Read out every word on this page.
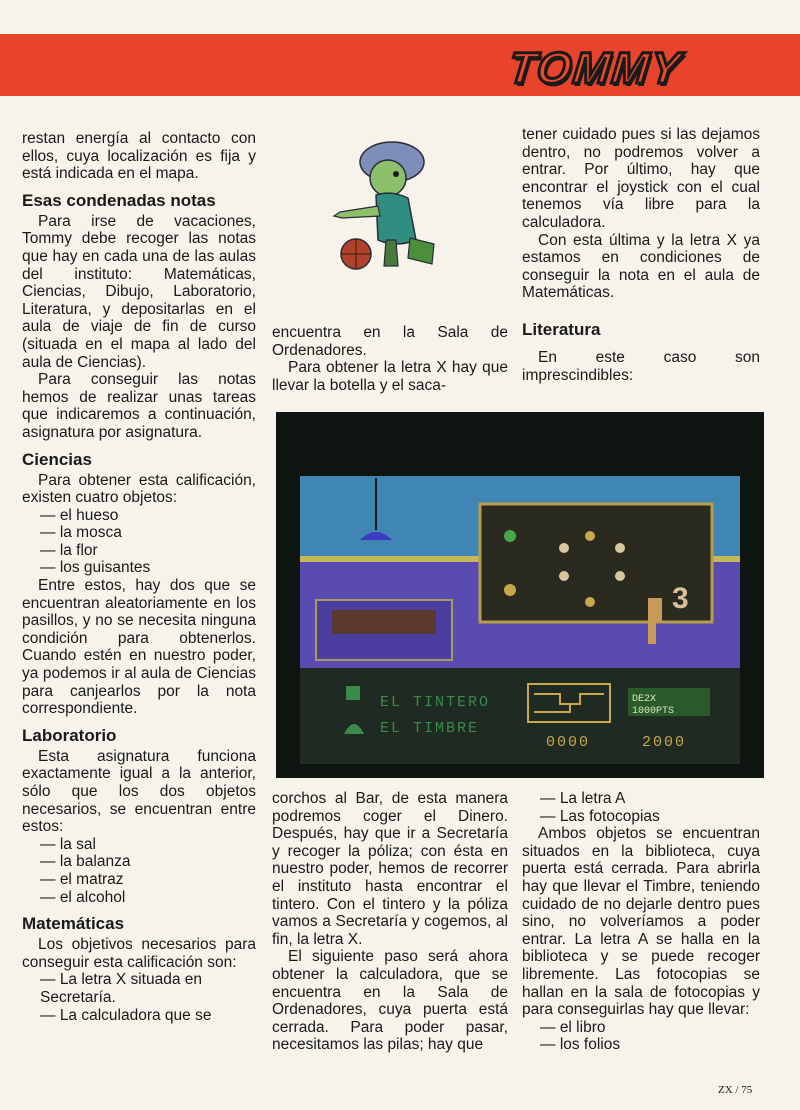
TOMMY

restan energía al contacto con ellos, cuya localización es fija y está indicada en el mapa.

Esas condenadas notas

Para irse de vacaciones, Tommy debe recoger las notas que hay en cada una de las aulas del instituto: Matemáticas, Ciencias, Dibujo, Laboratorio, Literatura, y depositarlas en el aula de viaje de fin de curso (situada en el mapa al lado del aula de Ciencias).

Para conseguir las notas hemos de realizar unas tareas que indicaremos a continuación, asignatura por asignatura.

Ciencias

Para obtener esta calificación, existen cuatro objetos:

— el hueso
— la mosca
— la flor
— los guisantes

Entre estos, hay dos que se encuentran aleatoriamente en los pasillos, y no se necesita ninguna condición para obtenerlos. Cuando estén en nuestro poder, ya podemos ir al aula de Ciencias para canjearlos por la nota correspondiente.

Laboratorio

Esta asignatura funciona exactamente igual a la anterior, sólo que los dos objetos necesarios, se encuentran entre estos:

— la sal
— la balanza
— el matraz
— el alcohol
Matemáticas

Los objetivos necesarios para conseguir esta calificación son:

— La letra X situada en Secretaría.
— La calculadora que se

encuentra en la Sala de Ordenadores.

Para obtener la letra X hay que llevar la botella y el saca-

corchos al Bar, de esta manera podremos coger el Dinero. Después, hay que ir a Secretaría y recoger la póliza; con ésta en nuestro poder, hemos de recorrer el instituto hasta encontrar el tintero. Con el tintero y la póliza vamos a Secretaría y cogemos, al fin, la letra X.

El siguiente paso será ahora obtener la calculadora, que se encuentra en la Sala de Ordenadores, cuya puerta está cerrada. Para poder pasar, necesitamos las pilas; hay que

tener cuidado pues si las dejamos dentro, no podremos volver a entrar. Por último, hay que encontrar el joystick con el cual tenemos vía libre para la calculadora.

Con esta última y la letra X ya estamos en condiciones de conseguir la nota en el aula de Matemáticas.

Literatura

En este caso son imprescindibles:

— La letra A
— Las fotocopias

Ambos objetos se encuentran situados en la biblioteca, cuya puerta está cerrada. Para abrirla hay que llevar el Timbre, teniendo cuidado de no dejarle dentro pues sino, no volveríamos a poder entrar. La letra A se halla en la biblioteca y se puede recoger libremente. Las fotocopias se hallan en la sala de fotocopias y para conseguirlas hay que llevar:

— el libro
— los folios
3
EL TINTERO
EL TIMBRE
DE2X
1000PTS
0000	2000
ZX / 75
